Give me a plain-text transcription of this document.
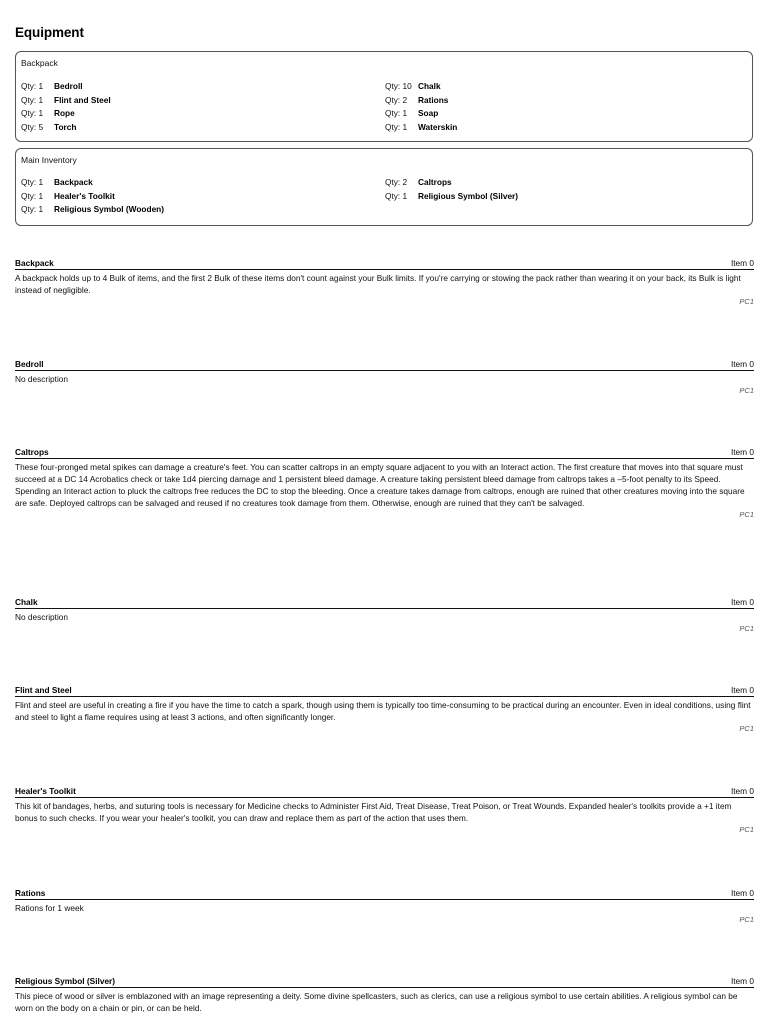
Equipment
Backpack
Qty: 1	Bedroll
Qty: 1	Flint and Steel
Qty: 1	Rope
Qty: 5	Torch
Qty: 10 Chalk
Qty: 2	Rations
Qty: 1	Soap
Qty: 1	Waterskin
Main Inventory
Qty: 1	Backpack
Qty: 1	Healer's Toolkit
Qty: 1	Religious Symbol (Wooden)
Qty: 2	Caltrops
Qty: 1	Religious Symbol (Silver)
Backpack	Item 0
A backpack holds up to 4 Bulk of items, and the first 2 Bulk of these items don't count against your Bulk limits. If you're carrying or stowing the pack rather than wearing it on your back, its Bulk is light instead of negligible.
PC1
Bedroll	Item 0
No description
PC1
Caltrops	Item 0
These four-pronged metal spikes can damage a creature's feet. You can scatter caltrops in an empty square adjacent to you with an Interact action. The first creature that moves into that square must succeed at a DC 14 Acrobatics check or take 1d4 piercing damage and 1 persistent bleed damage. A creature taking persistent bleed damage from caltrops takes a –5-foot penalty to its Speed. Spending an Interact action to pluck the caltrops free reduces the DC to stop the bleeding. Once a creature takes damage from caltrops, enough are ruined that other creatures moving into the square are safe. Deployed caltrops can be salvaged and reused if no creatures took damage from them. Otherwise, enough are ruined that they can't be salvaged.
PC1
Chalk	Item 0
No description
PC1
Flint and Steel	Item 0
Flint and steel are useful in creating a fire if you have the time to catch a spark, though using them is typically too time-consuming to be practical during an encounter. Even in ideal conditions, using flint and steel to light a flame requires using at least 3 actions, and often significantly longer.
PC1
Healer's Toolkit	Item 0
This kit of bandages, herbs, and suturing tools is necessary for Medicine checks to Administer First Aid, Treat Disease, Treat Poison, or Treat Wounds. Expanded healer's toolkits provide a +1 item bonus to such checks. If you wear your healer's toolkit, you can draw and replace them as part of the action that uses them.
PC1
Rations	Item 0
Rations for 1 week
PC1
Religious Symbol (Silver)	Item 0
This piece of wood or silver is emblazoned with an image representing a deity. Some divine spellcasters, such as clerics, can use a religious symbol to use certain abilities. A religious symbol can be worn on the body on a chain or pin, or can be held.
